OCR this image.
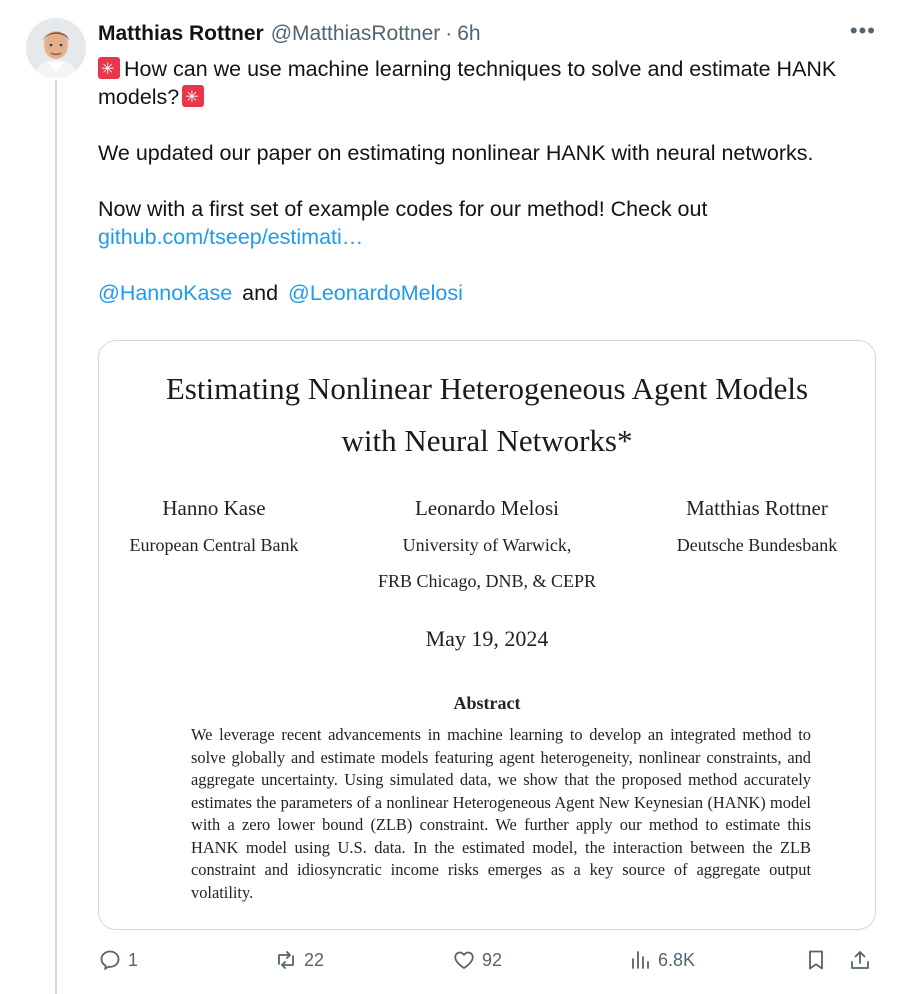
Matthias Rottner @MatthiasRottner · 6h	•••

✳How can we use machine learning techniques to solve and estimate HANK models?✳

We updated our paper on estimating nonlinear HANK with neural networks.

Now with a first set of example codes for our method! Check out
github.com/tseep/estimati…

@HannoKase and @LeonardoMelosi

Estimating Nonlinear Heterogeneous Agent Models
with Neural Networks*
Hanno Kase
European Central Bank
Leonardo Melosi
University of Warwick,
FRB Chicago, DNB, & CEPR
Matthias Rottner
Deutsche Bundesbank
May 19, 2024
Abstract
We leverage recent advancements in machine learning to develop an integrated method to solve globally and estimate models featuring agent heterogeneity, nonlinear constraints, and aggregate uncertainty. Using simulated data, we show that the proposed method accurately estimates the parameters of a nonlinear Heterogeneous Agent New Keynesian (HANK) model with a zero lower bound (ZLB) constraint. We further apply our method to estimate this HANK model using U.S. data. In the estimated model, the interaction between the ZLB constraint and idiosyncratic income risks emerges as a key source of aggregate output volatility.
1	22	92	6.8K
